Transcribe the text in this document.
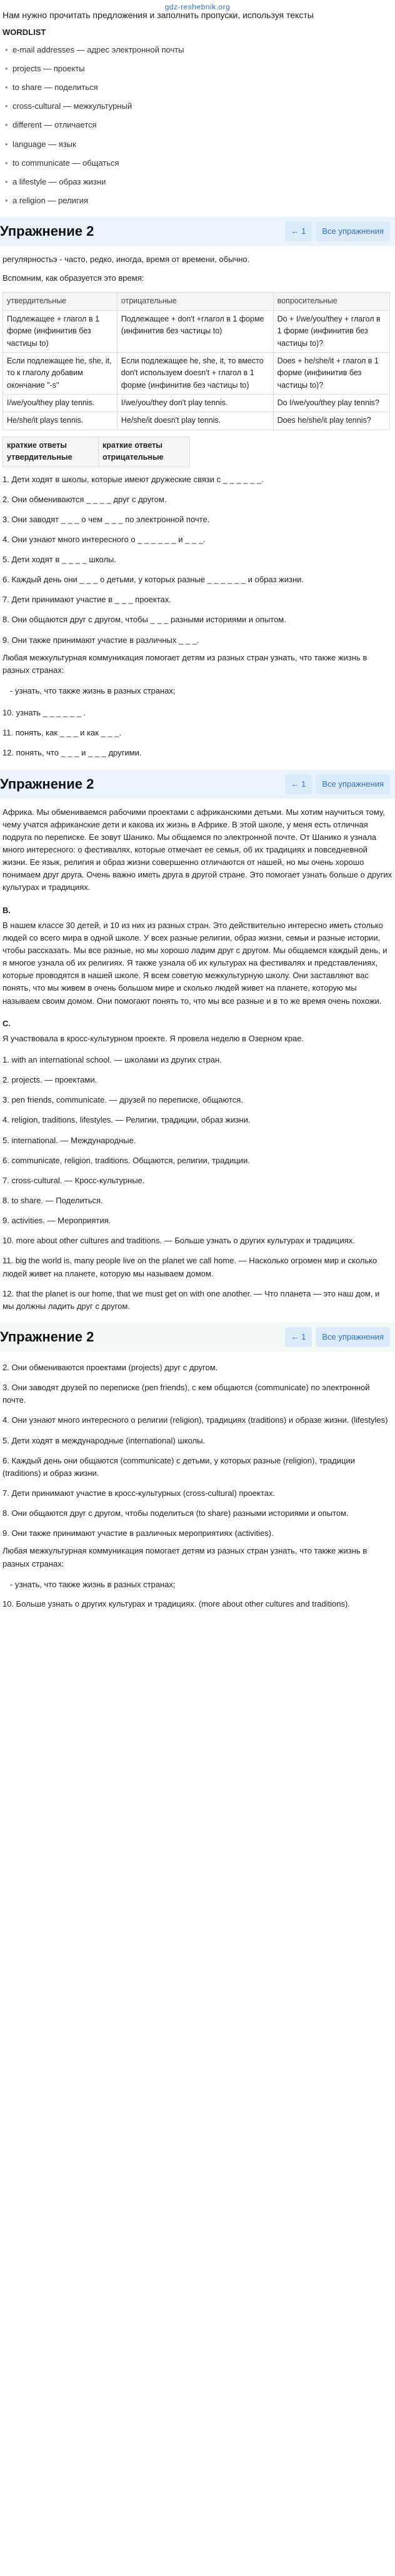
gdz-reshebnik.org

Нам нужно прочитать предложения и заполнить пропуски, используя тексты

WORDLIST
• e-mail addresses — адрес электронной почты
• projects — проекты
• to share — поделиться
• cross-cultural — межкультурный
• different — отличается
• language — язык
• to communicate — общаться
• a lifestyle — образ жизни
• a religion — религия
Упражнение 2	← 1	Все упражнения

регулярностьэ - часто, редко, иногда, время от времени, обычно.

Вспомним, как образуется это время:

утвердительные	отрицательные	вопросительные
Подлежащее + глагол в 1 форме (инфинитив без частицы to)	Подлежащее + don't +глагол в 1 форме (инфинитив без частицы to)	Do + I/we/you/they + глагол в 1 форме (инфинитив без частицы to)?
Если подлежащее he, she, it, то к глаголу добавим окончание "-s"	Если подлежащее he, she, it, то вместо don't используем doesn't + глагол в 1 форме (инфинитив без частицы to)	Does + he/she/it + глагол в 1 форме (инфинитив без частицы to)?
I/we/you/they play tennis.	I/we/you/they don't play tennis.	Do I/we/you/they play tennis?
He/she/it plays tennis.	He/she/it doesn't play tennis.	Does he/she/it play tennis?
краткие ответы утвердительные	краткие ответы отрицательные
1. Дети ходят в школы, которые имеют дружеские связи с _ _ _ _ _ _.
2. Они обмениваются _ _ _ _ друг с другом.
3. Они заводят _ _ _ о чем _ _ _ по электронной почте.
4. Они узнают много интересного о _ _ _ _ _ _ и _ _ _.
5. Дети ходят в _ _ _ _ школы.
6. Каждый день они _ _ _ о детьми, у которых разные _ _ _ _ _ _ и образ жизни.
7. Дети принимают участие в _ _ _ проектах.
8. Они общаются друг с другом, чтобы _ _ _ разными историями и опытом.
9. Они также принимают участие в различных _ _ _.

Любая межкультурная коммуникация помогает детям из разных стран узнать, что также жизнь в разных странах:

- узнать, что также жизнь в разных странах;
10. узнать _ _ _ _ _ _ .
11. понять, как _ _ _ и как _ _ _.
12. понять, что _ _ _ и _ _ _ другими.
Упражнение 2	← 1	Все упражнения

Африка. Мы обмениваемся рабочими проектами с африканскими детьми. Мы хотим научиться тому, чему учатся африканские дети и какова их жизнь в Африке. В этой школе, у меня есть отличная подруга по переписке. Ее зовут Шанико. Мы общаемся по электронной почте. От Шанико я узнала много интересного: о фестивалях, которые отмечает ее семья, об их традициях и повседневной жизни. Ее язык, религия и образ жизни совершенно отличаются от нашей, но мы очень хорошо понимаем друг друга. Очень важно иметь друга в другой стране. Это помогает узнать больше о других культурах и традициях.

B.

В нашем классе 30 детей, и 10 из них из разных стран. Это действительно интересно иметь столько людей со всего мира в одной школе. У всех разные религии, образ жизни, семьи и разные истории, чтобы рассказать. Мы все разные, но мы хорошо ладим друг с другом. Мы общаемся каждый день, и я многое узнала об их религиях. Я также узнала об их культурах на фестивалях и представлениях, которые проводятся в нашей школе. Я всем советую межкультурную школу. Они заставляют вас понять, что мы живем в очень большом мире и сколько людей живет на планете, которую мы называем своим домом. Они помогают понять то, что мы все разные и в то же время очень похожи.

C.

Я участвовала в кросс-культурном проекте. Я провела неделю в Озерном крае.

1. with an international school. — школами из других стран.
2. projects. — проектами.
3. pen friends, communicate. — друзей по переписке, общаются.
4. religion, traditions, lifestyles. — Религии, традиции, образ жизни.
5. international. — Международные.
6. communicate, religion, traditions. Общаются, религии, традиции.
7. cross-cultural. — Кросс-культурные.
8. to share. — Поделиться.
9. activities. — Мероприятия.
10. more about other cultures and traditions. — Больше узнать о других культурах и традициях.
11. big the world is, many people live on the planet we call home. — Насколько огромен мир и сколько людей живет на планете, которую мы называем домом.
12. that the planet is our home, that we must get on with one another. — Что планета — это наш дом, и мы должны ладить друг с другом.
Упражнение 2	← 1	Все упражнения
2. Они обмениваются проектами (projects) друг с другом.
3. Они заводят друзей по переписке (pen friends), с кем общаются (communicate) по электронной почте.
4. Они узнают много интересного о религии (religion), традициях (traditions) и образе жизни. (lifestyles)
5. Дети ходят в международные (international) школы.
6. Каждый день они общаются (communicate) с детьми, у которых разные (religion), традиции (traditions) и образ жизни.
7. Дети принимают участие в кросс-культурных (cross-cultural) проектах.
8. Они общаются друг с другом, чтобы поделиться (to share) разными историями и опытом.
9. Они также принимают участие в различных мероприятиях (activities).

Любая межкультурная коммуникация помогает детям из разных стран узнать, что также жизнь в разных странах:

- узнать, что также жизнь в разных странах;

10. Больше узнать о других культурах и традициях. (more about other cultures and traditions).
